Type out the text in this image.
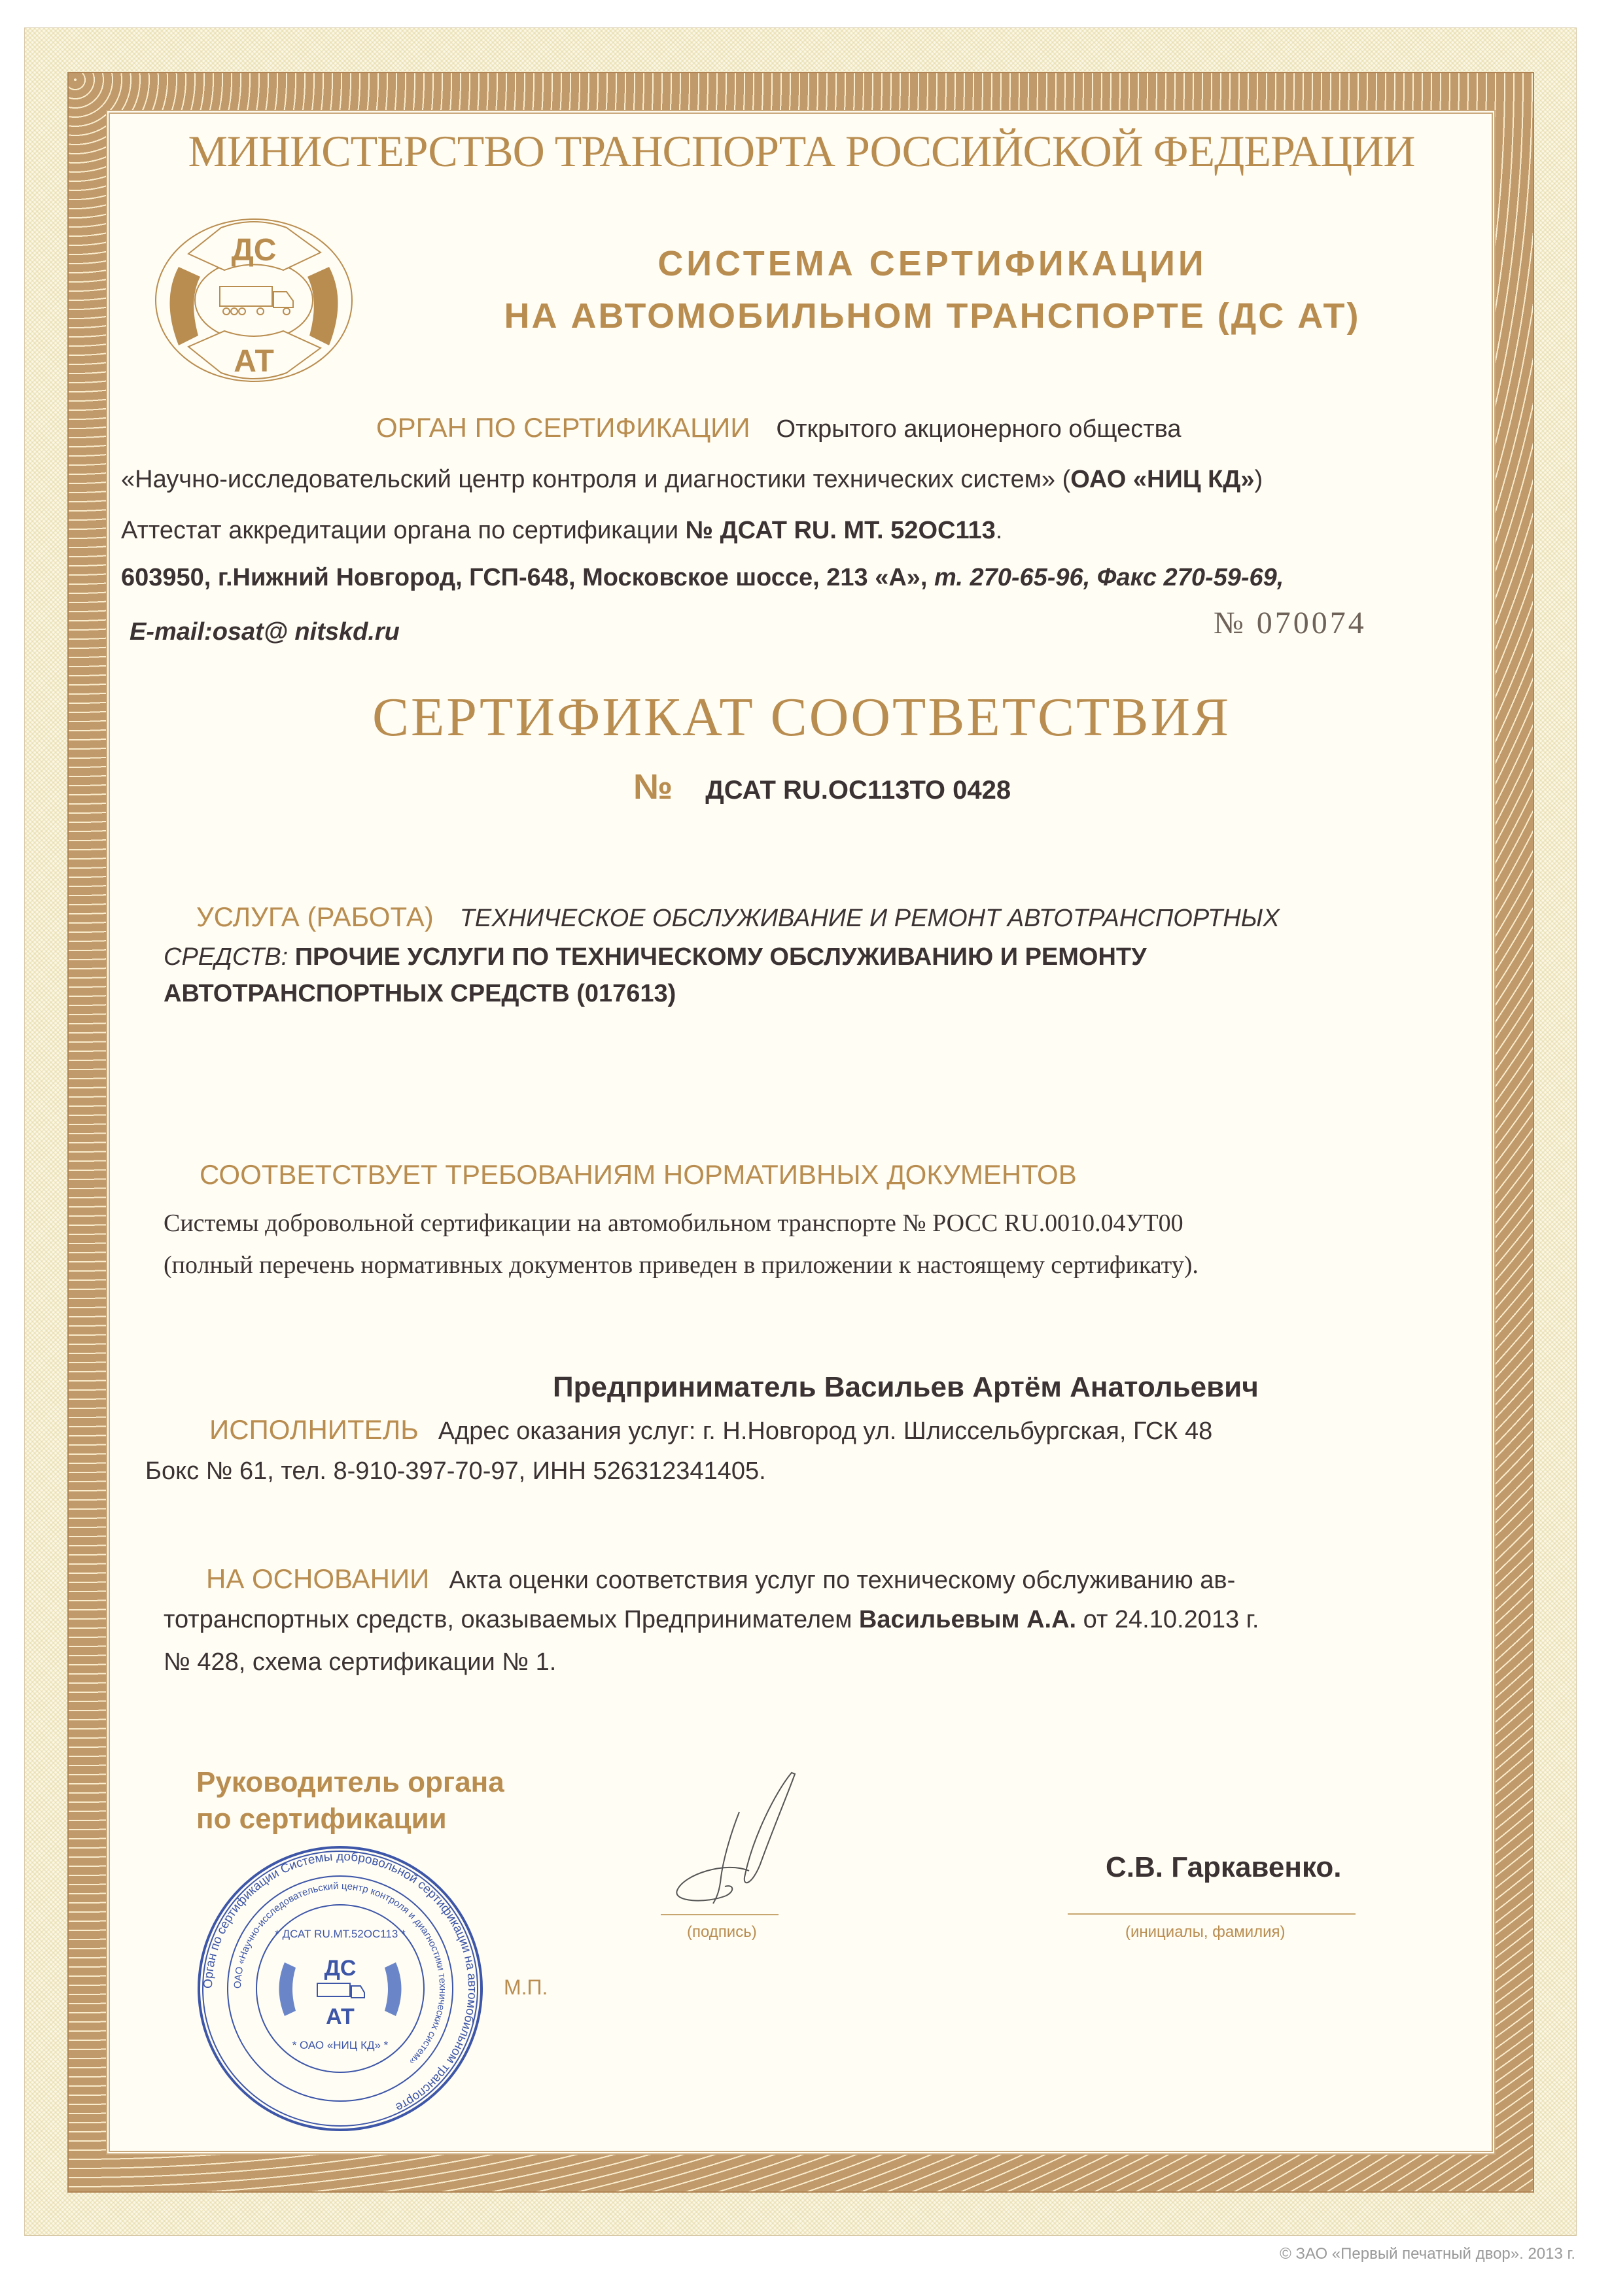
МИНИСТЕРСТВО ТРАНСПОРТА РОССИЙСКОЙ ФЕДЕРАЦИИ
ДС
АТ
СИСТЕМА СЕРТИФИКАЦИИ
НА АВТОМОБИЛЬНОМ ТРАНСПОРТЕ (ДС АТ)
ОРГАН ПО СЕРТИФИКАЦИИ Открытого акционерного общества
«Научно-исследовательский центр контроля и диагностики технических систем» (ОАО «НИЦ КД»)
Аттестат аккредитации органа по сертификации № ДСАТ RU. МТ. 52ОС113.
603950, г.Нижний Новгород, ГСП-648, Московское шоссе, 213 «А», т. 270-65-96, Факс 270-59-69,
E-mail:osat@ nitskd.ru	№ 070074
СЕРТИФИКАТ СООТВЕТСТВИЯ
№ ДСАТ RU.ОС113ТО 0428
УСЛУГА (РАБОТА) ТЕХНИЧЕСКОЕ ОБСЛУЖИВАНИЕ И РЕМОНТ АВТОТРАНСПОРТНЫХ
СРЕДСТВ: ПРОЧИЕ УСЛУГИ ПО ТЕХНИЧЕСКОМУ ОБСЛУЖИВАНИЮ И РЕМОНТУ
АВТОТРАНСПОРТНЫХ СРЕДСТВ (017613)
СООТВЕТСТВУЕТ ТРЕБОВАНИЯМ НОРМАТИВНЫХ ДОКУМЕНТОВ
Системы добровольной сертификации на автомобильном транспорте № РОСС RU.0010.04УТ00
(полный перечень нормативных документов приведен в приложении к настоящему сертификату).
Предприниматель Васильев Артём Анатольевич
ИСПОЛНИТЕЛЬ Адрес оказания услуг: г. Н.Новгород ул. Шлиссельбургская, ГСК 48
Бокс № 61, тел. 8-910-397-70-97, ИНН 526312341405.
НА ОСНОВАНИИ Акта оценки соответствия услуг по техническому обслуживанию ав-
тотранспортных средств, оказываемых Предпринимателем Васильевым А.А. от 24.10.2013 г.
№ 428, схема сертификации № 1.
Руководитель органа
по сертификации
(подпись)
С.В. Гаркавенко.
(инициалы, фамилия)
Орган по сертификации Системы добровольной сертификации на автомобильном транспорте
ОАО «Научно-исследовательский центр контроля и диагностики технических систем»
ДС
АТ
* ОАО «НИЦ КД» *
* ДСАТ RU.MT.52ОС113 *
М.П.
© ЗАО «Первый печатный двор». 2013 г.
